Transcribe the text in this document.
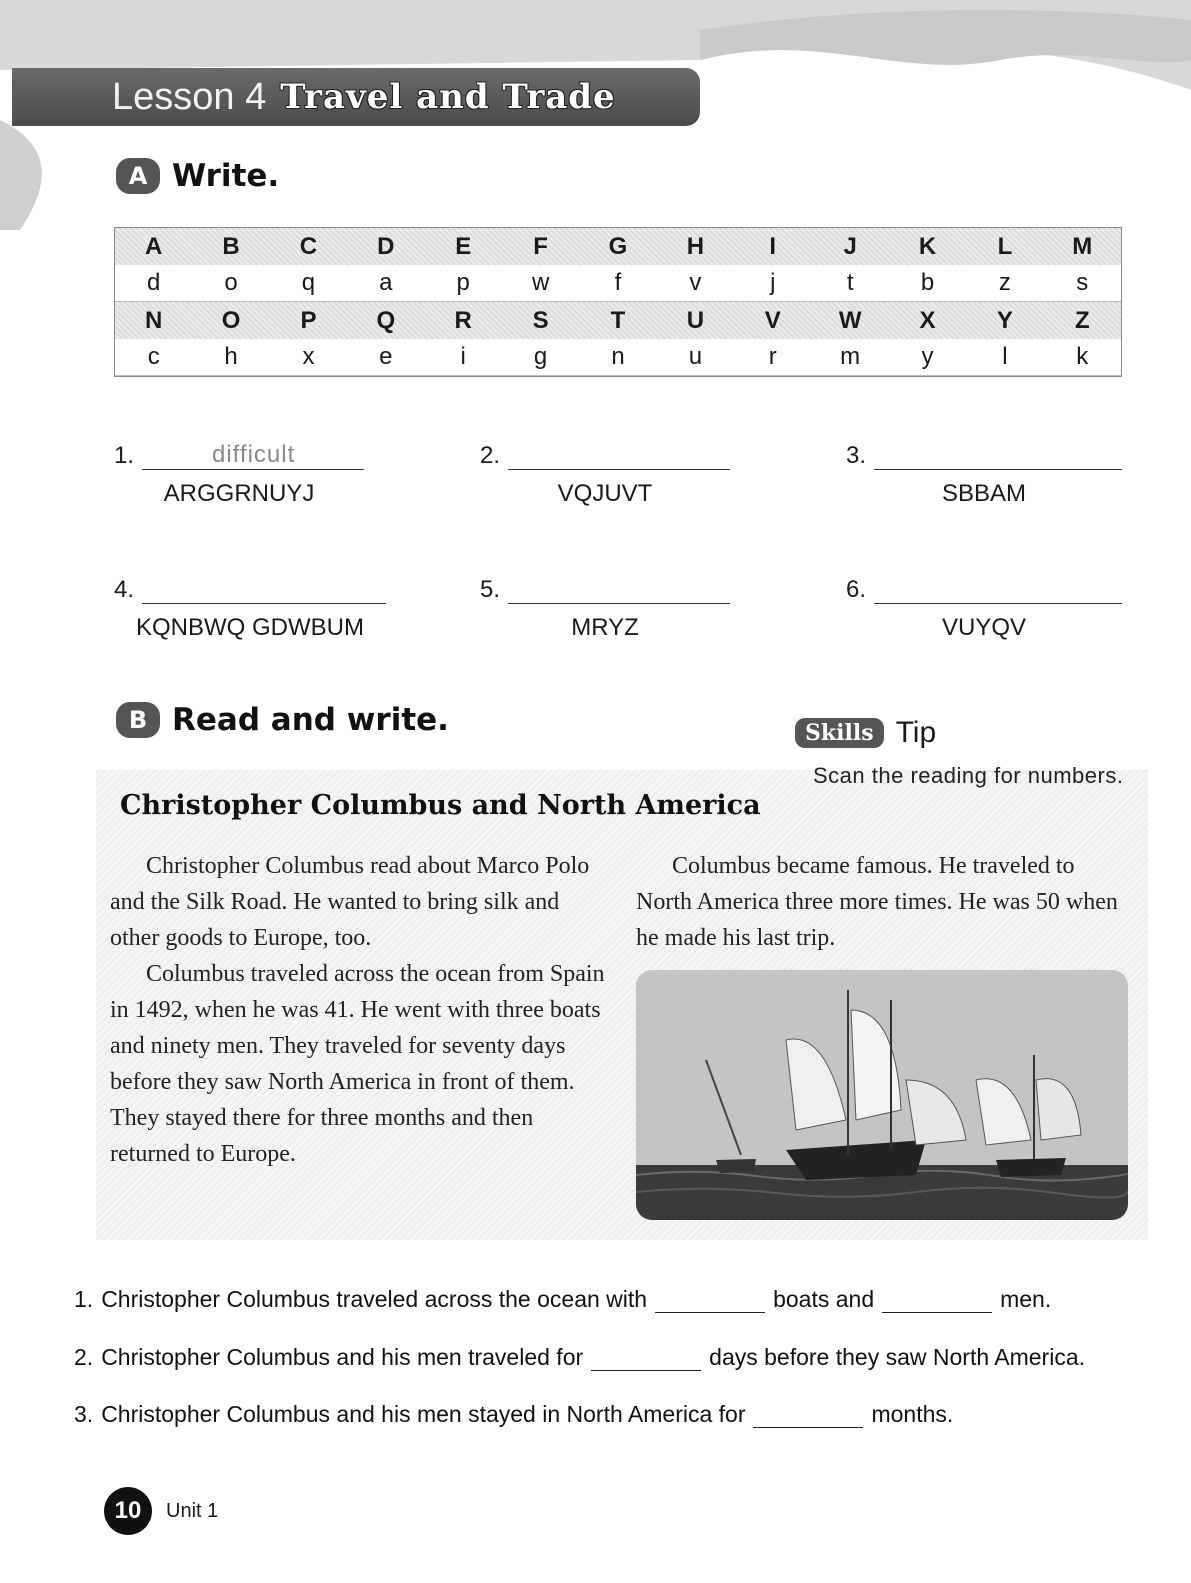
Lesson 4 Travel and Trade
A Write.
A	B	C	D	E	F	G	H	I	J	K	L	M
d	o	q	a	p	w	f	v	j	t	b	z	s
N	O	P	Q	R	S	T	U	V	W	X	Y	Z
c	h	x	e	i	g	n	u	r	m	y	l	k
1.	difficult
ARGGRNUYJ
2.
VQJUVT
3.
SBBAM
4.
KQNBWQ GDWBUM
5.
MRYZ
6.
VUYQV
B Read and write.	Skills Tip
Scan the reading for numbers.
Christopher Columbus and North America

Christopher Columbus read about Marco Polo and the Silk Road. He wanted to bring silk and other goods to Europe, too.

Columbus traveled across the ocean from Spain in 1492, when he was 41. He went with three boats and ninety men. They traveled for seventy days before they saw North America in front of them. They stayed there for three months and then returned to Europe.

Columbus became famous. He traveled to North America three more times. He was 50 when he made his last trip.

1. Christopher Columbus traveled across the ocean with	boats and	men.
2. Christopher Columbus and his men traveled for	days before they saw North America.
3. Christopher Columbus and his men stayed in North America for	months.
10	Unit 1
